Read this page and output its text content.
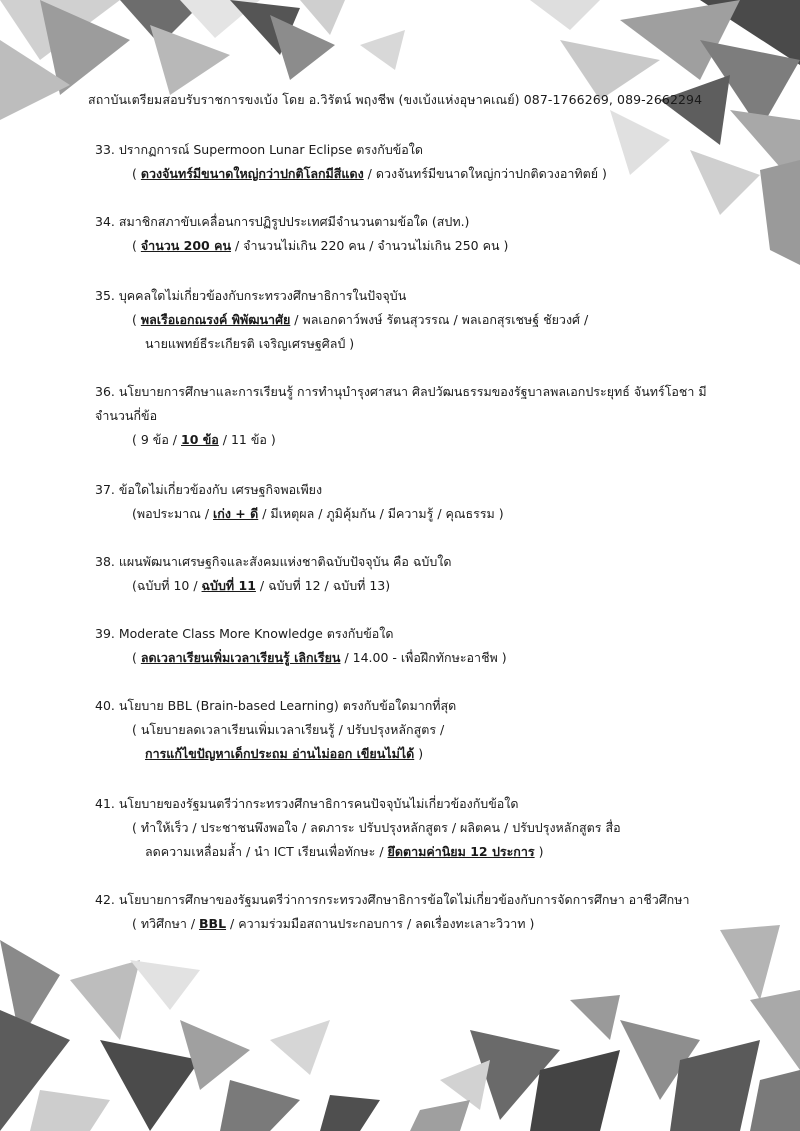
สถาบันเตรียมสอบรับราชการขงเบ้ง โดย อ.วิรัตน์ พฤงชีพ (ขงเบ้งแห่งอุษาคเณย์) 087-1766269, 089-2662294
33. ปรากฏการณ์ Supermoon Lunar Eclipse ตรงกับข้อใด
( ดวงจันทร์มีขนาดใหญ่กว่าปกติโลกมีสีแดง / ดวงจันทร์มีขนาดใหญ่กว่าปกติดวงอาทิตย์ )
34. สมาชิกสภาขับเคลื่อนการปฏิรูปประเทศมีจำนวนตามข้อใด (สปท.)
( จำนวน 200 คน / จำนวนไม่เกิน 220 คน / จำนวนไม่เกิน 250 คน )
35. บุคคลใดไม่เกี่ยวข้องกับกระทรวงศึกษาธิการในปัจจุบัน
( พลเรือเอกณรงค์ พิพัฒนาศัย / พลเอกดาว์พงษ์ รัตนสุวรรณ / พลเอกสุรเชษฐ์ ชัยวงศ์ /
นายแพทย์ธีระเกียรติ เจริญเศรษฐศิลป์ )
36. นโยบายการศึกษาและการเรียนรู้ การทำนุบำรุงศาสนา ศิลปวัฒนธรรมของรัฐบาลพลเอกประยุทธ์ จันทร์โอชา มีจำนวนกี่ข้อ
( 9 ข้อ / 10 ข้อ / 11 ข้อ )
37. ข้อใดไม่เกี่ยวข้องกับ เศรษฐกิจพอเพียง
(พอประมาณ / เก่ง + ดี / มีเหตุผล / ภูมิคุ้มกัน / มีความรู้ / คุณธรรม )
38. แผนพัฒนาเศรษฐกิจและสังคมแห่งชาติฉบับปัจจุบัน คือ ฉบับใด
(ฉบับที่ 10 / ฉบับที่ 11 / ฉบับที่ 12 / ฉบับที่ 13)
39. Moderate Class More Knowledge ตรงกับข้อใด
( ลดเวลาเรียนเพิ่มเวลาเรียนรู้ เลิกเรียน / 14.00 - เพื่อฝึกทักษะอาชีพ )
40. นโยบาย BBL (Brain-based Learning) ตรงกับข้อใดมากที่สุด
( นโยบายลดเวลาเรียนเพิ่มเวลาเรียนรู้ / ปรับปรุงหลักสูตร /
การแก้ไขปัญหาเด็กประถม อ่านไม่ออก เขียนไม่ได้ )
41. นโยบายของรัฐมนตรีว่ากระทรวงศึกษาธิการคนปัจจุบันไม่เกี่ยวข้องกับข้อใด
( ทำให้เร็ว / ประชาชนพึงพอใจ / ลดภาระ ปรับปรุงหลักสูตร / ผลิตคน / ปรับปรุงหลักสูตร สื่อ
ลดความเหลื่อมล้ำ / นำ ICT เรียนเพื่อทักษะ / ยึดตามค่านิยม 12 ประการ )
42. นโยบายการศึกษาของรัฐมนตรีว่าการกระทรวงศึกษาธิการข้อใดไม่เกี่ยวข้องกับการจัดการศึกษา อาชีวศึกษา
( ทวิศึกษา / BBL / ความร่วมมือสถานประกอบการ / ลดเรื่องทะเลาะวิวาท )
